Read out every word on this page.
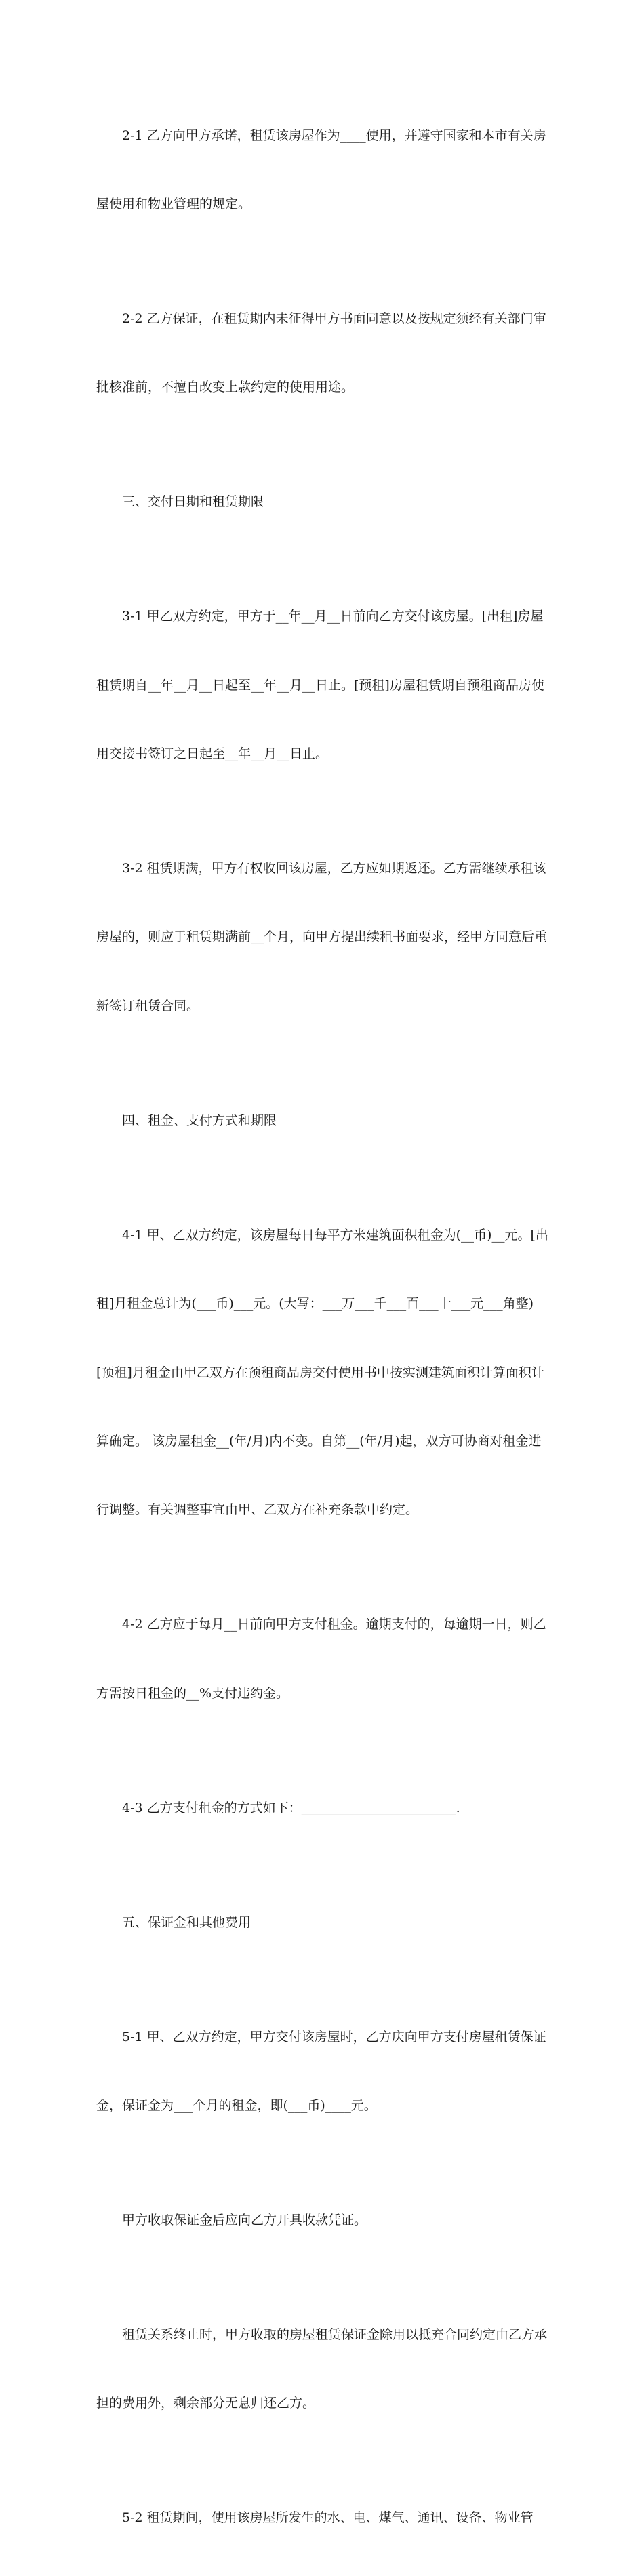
2-1 乙方向甲方承诺，租赁该房屋作为____使用，并遵守国家和本市有关房

屋使用和物业管理的规定。

2-2 乙方保证，在租赁期内未征得甲方书面同意以及按规定须经有关部门审

批核准前，不擅自改变上款约定的使用用途。

三、交付日期和租赁期限

3-1 甲乙双方约定，甲方于__年__月__日前向乙方交付该房屋。[出租]房屋

租赁期自__年__月__日起至__年__月__日止。[预租]房屋租赁期自预租商品房使

用交接书签订之日起至__年__月__日止。

3-2 租赁期满，甲方有权收回该房屋，乙方应如期返还。乙方需继续承租该

房屋的，则应于租赁期满前__个月，向甲方提出续租书面要求，经甲方同意后重

新签订租赁合同。

四、租金、支付方式和期限

4-1 甲、乙双方约定，该房屋每日每平方米建筑面积租金为(__币)__元。[出

租]月租金总计为(___币)___元。(大写：___万___千___百___十___元___角整)

[预租]月租金由甲乙双方在预租商品房交付使用书中按实测建筑面积计算面积计

算确定。 该房屋租金__(年/月)内不变。自第__(年/月)起，双方可协商对租金进

行调整。有关调整事宜由甲、乙双方在补充条款中约定。

4-2 乙方应于每月__日前向甲方支付租金。逾期支付的，每逾期一日，则乙

方需按日租金的__%支付违约金。

4-3 乙方支付租金的方式如下：________________________.

五、保证金和其他费用

5-1 甲、乙双方约定，甲方交付该房屋时，乙方庆向甲方支付房屋租赁保证

金，保证金为___个月的租金，即(___币)____元。

甲方收取保证金后应向乙方开具收款凭证。

租赁关系终止时，甲方收取的房屋租赁保证金除用以抵充合同约定由乙方承

担的费用外，剩余部分无息归还乙方。

5-2 租赁期间，使用该房屋所发生的水、电、煤气、通讯、设备、物业管
